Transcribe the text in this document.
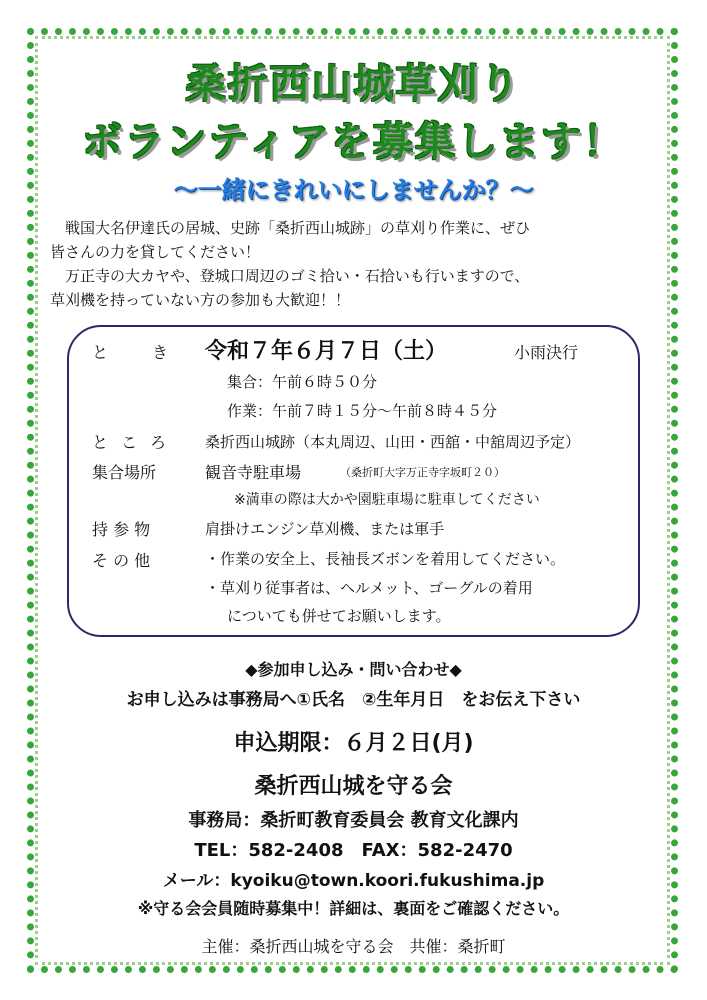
桑折西山城草刈り
ボランティアを募集します！
～一緒にきれいにしませんか？～
　戦国大名伊達氏の居城、史跡「桑折西山城跡」の草刈り作業に、ぜひ
皆さんの力を貸してください！
　万正寺の大カヤや、登城口周辺のゴミ拾い・石拾いも行いますので、
草刈機を持っていない方の参加も大歓迎！！
と　き 令和７年６月７日（土）	小雨決行
集合：午前６時５０分
作業：午前７時１５分～午前８時４５分
と こ ろ 桑折西山城跡（本丸周辺、山田・西舘・中舘周辺予定）
集合場所	観音寺駐車場	（桑折町大字万正寺字坂町２０）
※満車の際は大かや園駐車場に駐車してください
持 参 物	肩掛けエンジン草刈機、または軍手
そ の 他	・作業の安全上、長袖長ズボンを着用してください。
・草刈り従事者は、ヘルメット、ゴーグルの着用
についても併せてお願いします。
◆参加申し込み・問い合わせ◆
お申し込みは事務局へ①氏名　②生年月日　をお伝え下さい
申込期限：６月２日(月)
桑折西山城を守る会
事務局：桑折町教育委員会 教育文化課内
TEL：582-2408　FAX：582-2470
メール：kyoiku@town.koori.fukushima.jp
※守る会会員随時募集中！詳細は、裏面をご確認ください。
主催：桑折西山城を守る会　共催：桑折町
